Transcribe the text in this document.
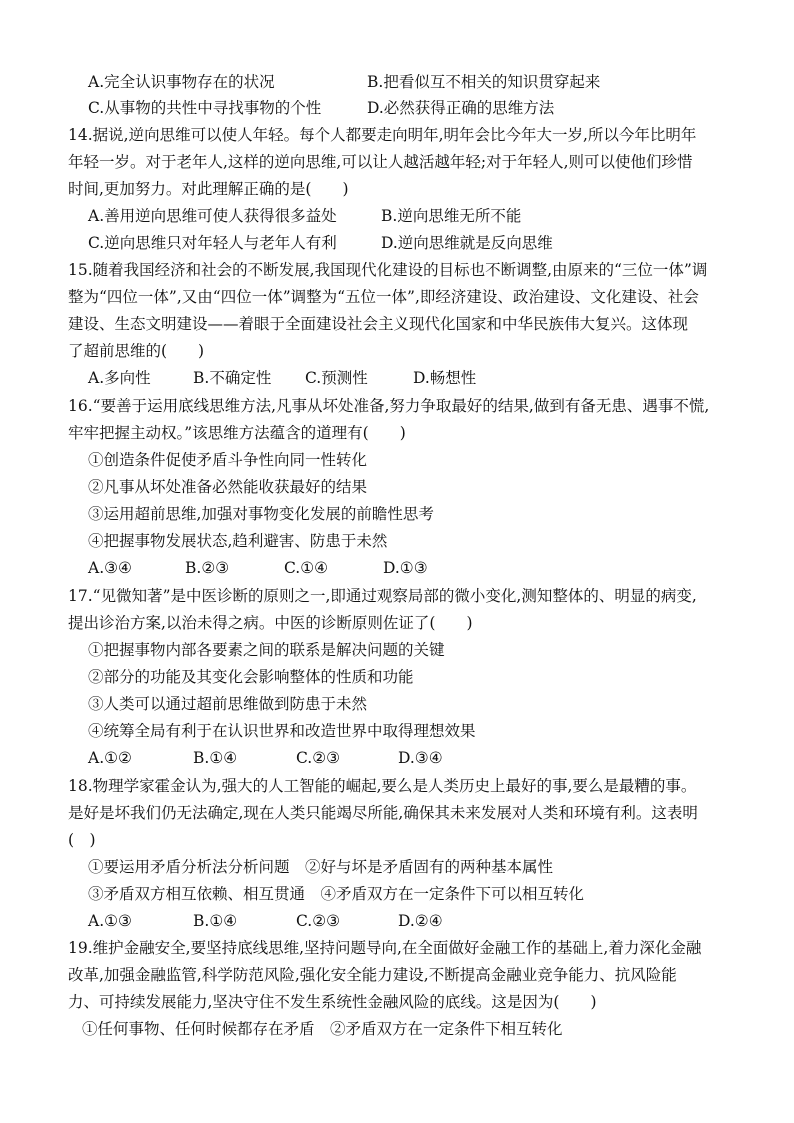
A.完全认识事物存在的状况	B.把看似互不相关的知识贯穿起来
C.从事物的共性中寻找事物的个性	D.必然获得正确的思维方法
14.据说,逆向思维可以使人年轻。每个人都要走向明年,明年会比今年大一岁,所以今年比明年
年轻一岁。对于老年人,这样的逆向思维,可以让人越活越年轻;对于年轻人,则可以使他们珍惜
时间,更加努力。对此理解正确的是(　　)
A.善用逆向思维可使人获得很多益处	B.逆向思维无所不能
C.逆向思维只对年轻人与老年人有利	D.逆向思维就是反向思维
15.随着我国经济和社会的不断发展,我国现代化建设的目标也不断调整,由原来的“三位一体”调
整为“四位一体”,又由“四位一体”调整为“五位一体”,即经济建设、政治建设、文化建设、社会
建设、生态文明建设——着眼于全面建设社会主义现代化国家和中华民族伟大复兴。这体现
了超前思维的(　　)
A.多向性	B.不确定性 C.预测性	D.畅想性
16.“要善于运用底线思维方法,凡事从坏处准备,努力争取最好的结果,做到有备无患、遇事不慌,
牢牢把握主动权。”该思维方法蕴含的道理有(　　)
①创造条件促使矛盾斗争性向同一性转化
②凡事从坏处准备必然能收获最好的结果
③运用超前思维,加强对事物变化发展的前瞻性思考
④把握事物发展状态,趋利避害、防患于未然
A.③④	B.②③	C.①④	D.①③
17.“见微知著”是中医诊断的原则之一,即通过观察局部的微小变化,测知整体的、明显的病变,
提出诊治方案,以治未得之病。中医的诊断原则佐证了(　　)
①把握事物内部各要素之间的联系是解决问题的关键
②部分的功能及其变化会影响整体的性质和功能
③人类可以通过超前思维做到防患于未然
④统筹全局有利于在认识世界和改造世界中取得理想效果
A.①②	B.①④	C.②③	D.③④
18.物理学家霍金认为,强大的人工智能的崛起,要么是人类历史上最好的事,要么是最糟的事。
是好是坏我们仍无法确定,现在人类只能竭尽所能,确保其未来发展对人类和环境有利。这表明
(　)
①要运用矛盾分析法分析问题　②好与坏是矛盾固有的两种基本属性
③矛盾双方相互依赖、相互贯通　④矛盾双方在一定条件下可以相互转化
A.①③	B.①④	C.②③	D.②④
19.维护金融安全,要坚持底线思维,坚持问题导向,在全面做好金融工作的基础上,着力深化金融
改革,加强金融监管,科学防范风险,强化安全能力建设,不断提高金融业竞争能力、抗风险能
力、可持续发展能力,坚决守住不发生系统性金融风险的底线。这是因为(　　)
①任何事物、任何时候都存在矛盾　②矛盾双方在一定条件下相互转化
